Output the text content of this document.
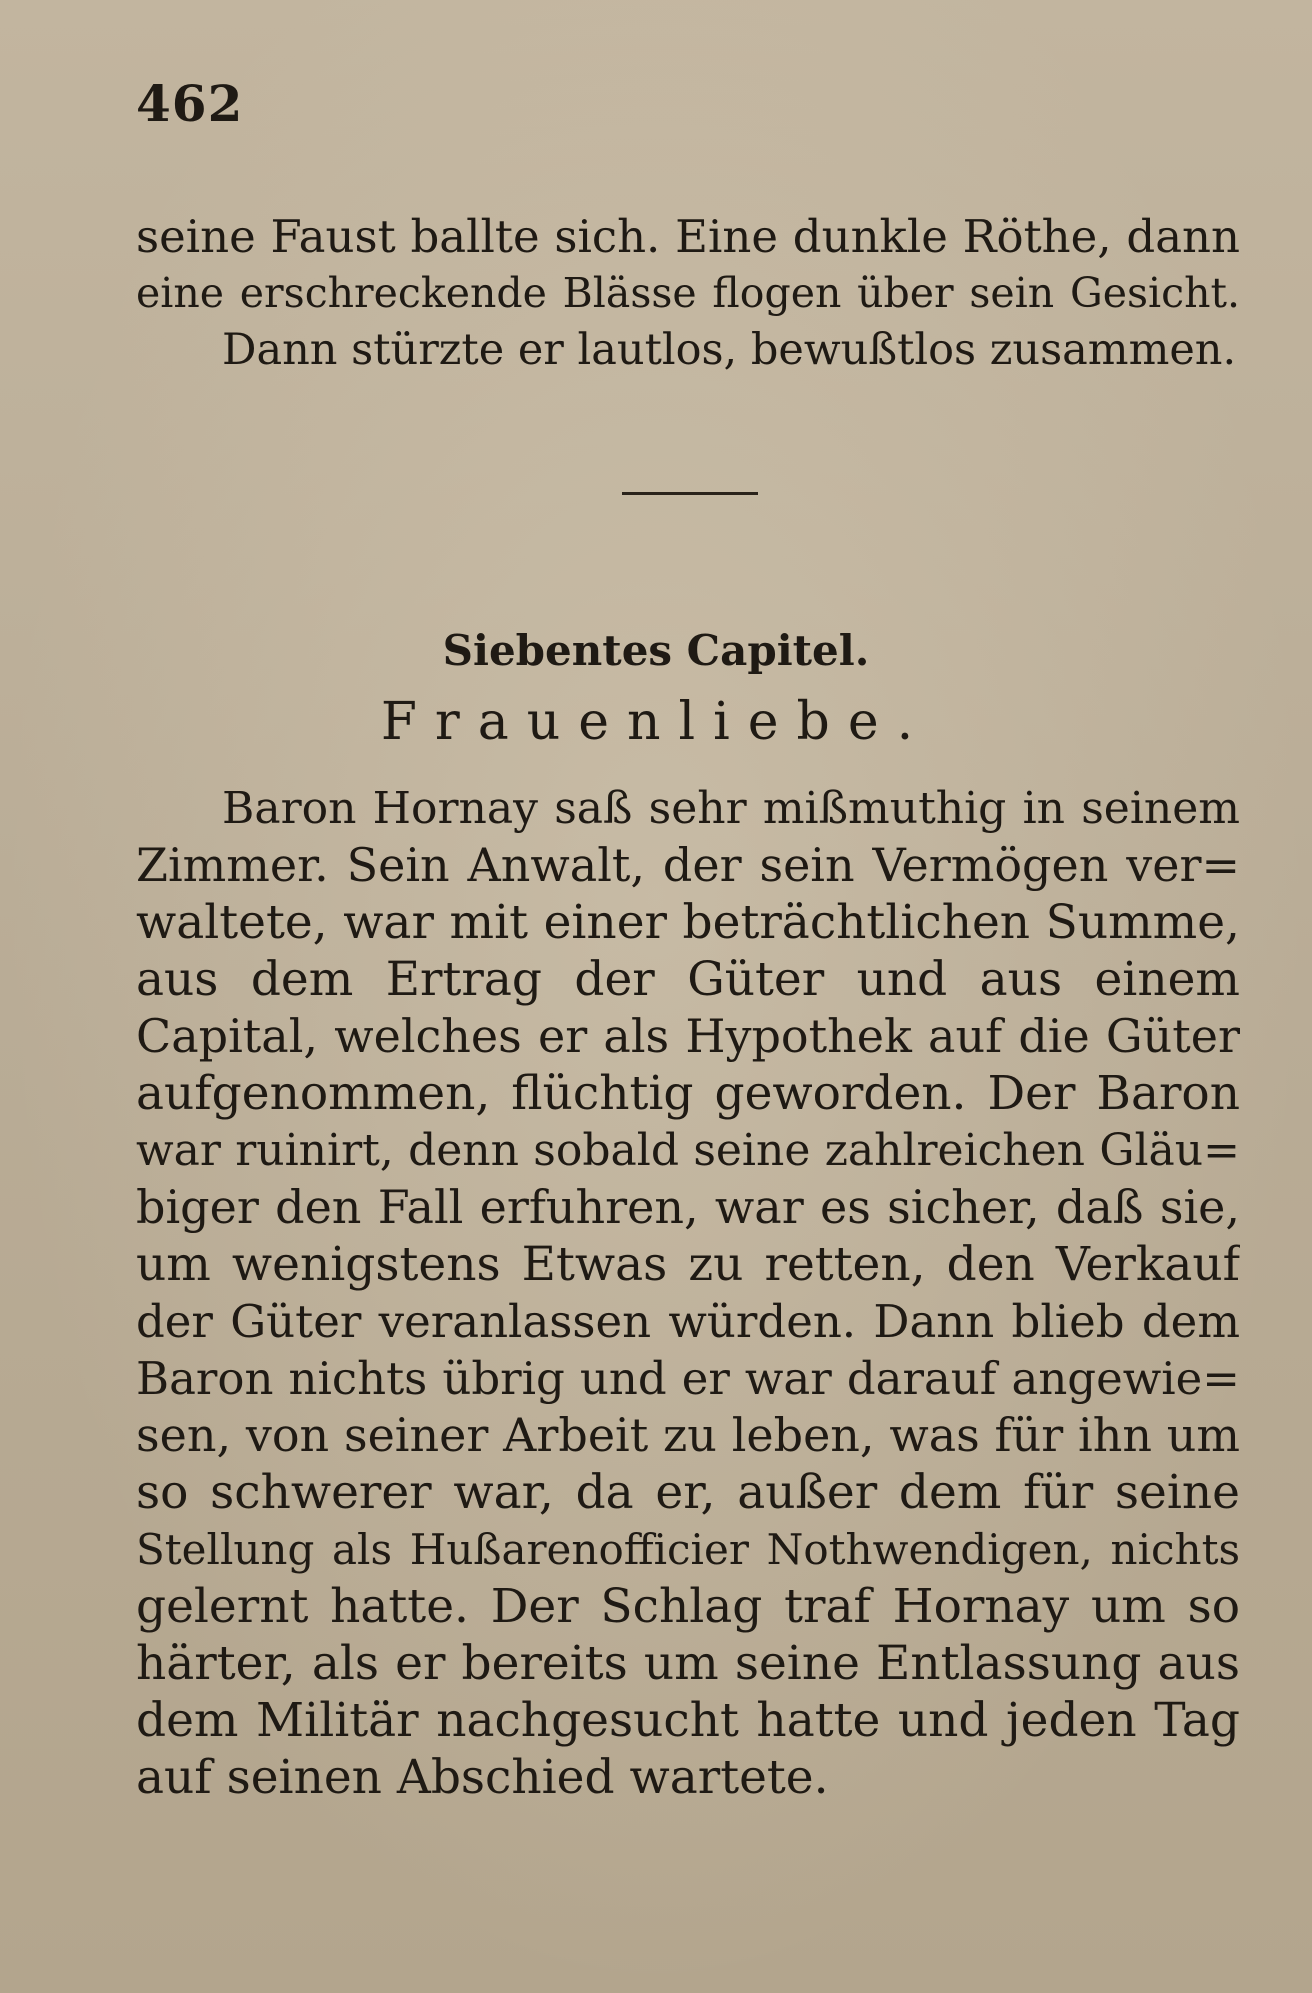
462
seine Faust ballte sich. Eine dunkle Röthe, dann
eine erschreckende Blässe flogen über sein Gesicht.
Dann stürzte er lautlos, bewußtlos zusammen.
Siebentes Capitel.
Frauenliebe.
Baron Hornay saß sehr mißmuthig in seinem
Zimmer. Sein Anwalt, der sein Vermögen ver=
waltete, war mit einer beträchtlichen Summe,
aus dem Ertrag der Güter und aus einem
Capital, welches er als Hypothek auf die Güter
aufgenommen, flüchtig geworden. Der Baron
war ruinirt, denn sobald seine zahlreichen Gläu=
biger den Fall erfuhren, war es sicher, daß sie,
um wenigstens Etwas zu retten, den Verkauf
der Güter veranlassen würden. Dann blieb dem
Baron nichts übrig und er war darauf angewie=
sen, von seiner Arbeit zu leben, was für ihn um
so schwerer war, da er, außer dem für seine
Stellung als Hußarenofficier Nothwendigen, nichts
gelernt hatte. Der Schlag traf Hornay um so
härter, als er bereits um seine Entlassung aus
dem Militär nachgesucht hatte und jeden Tag
auf seinen Abschied wartete.
